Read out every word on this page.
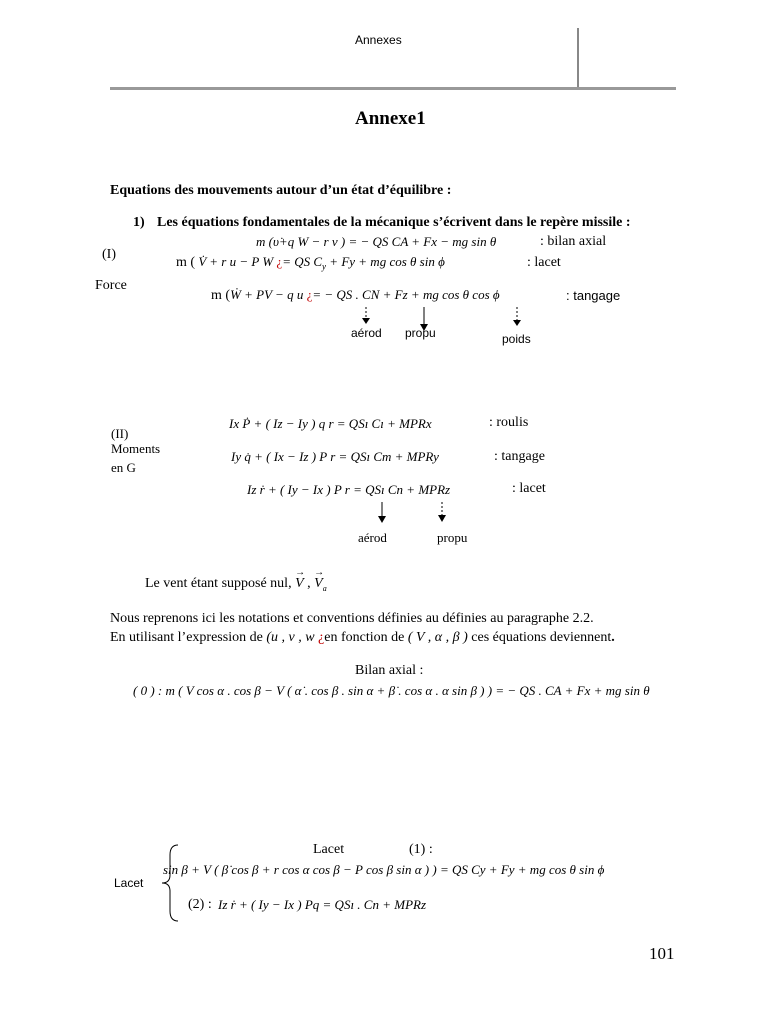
Annexes
Annexe1
Equations des mouvements autour d’un état d’équilibre :
1) Les équations fondamentales de la mécanique s’écrivent dans le repère missile :
(I)
Force
m (υ̇+q W − r v ) = − QS CA + Fx − mg sin θ	: bilan axial
m ( V̇ + r u − P W ¿= QS $C_y + Fy$ + mg cos θ sin ϕ	: lacet
m (Ẇ + PV − q u ¿= − QS . CN + Fz + mg cos θ cos ϕ	: tangage
aérod propu	poids
(II)
Moments
en G
Ix Ṗ + ( Iz − Iy ) q r = QSı Cı + MPRx	: roulis
Iy q̇ + ( Ix − Iz ) P r = QSı Cm + MPRy	: tangage
Iz ṙ + ( Iy − Ix ) P r = QSı Cn + MPRz	: lacet
aérod	propu
Le vent étant supposé nul,
→
V ,
→
$V_a$
Nous reprenons ici les notations et conventions définies au définies au paragraphe 2.2.
En utilisant l’expression de (u , v , w ¿en fonction de ( V , α , β ) ces équations deviennent.
Bilan axial :
( 0 ) : m ( V cos α . cos β − V ( α̇ . cos β . sin α + β̇ . cos α . α sin β ) ) = − QS . CA + Fx + mg sin θ
Lacet
Lacet	(1) :
sin β + V ( β̇ cos β + r cos α cos β − P cos β sin α ) ) = QS Cy + Fy + mg cos θ sin ϕ
(2) : Iz ṙ + ( Iy − Ix ) Pq = QSı . Cn + MPRz
101
